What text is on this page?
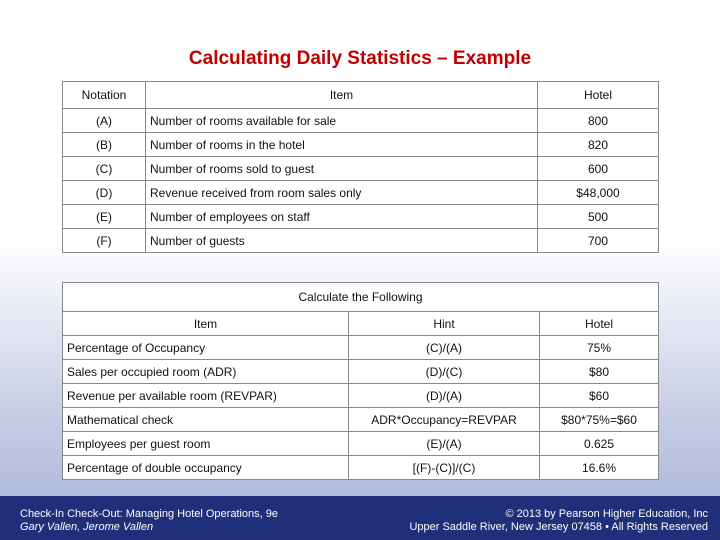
Calculating Daily Statistics – Example
Notation	Item	Hotel
(A)	Number of rooms available for sale	800
(B)	Number of rooms in the hotel	820
(C)	Number of rooms sold to guest	600
(D)	Revenue received from room sales only	$48,000
(E)	Number of employees on staff	500
(F)	Number of guests	700
Calculate the Following		
Item	Hint	Hotel
Percentage of Occupancy	(C)/(A)	75%
Sales per occupied room (ADR)	(D)/(C)	$80
Revenue per available room (REVPAR)	(D)/(A)	$60
Mathematical check	ADR*Occupancy=REVPAR	$80*75%=$60
Employees per guest room	(E)/(A)	0.625
Percentage of double occupancy	[(F)-(C)]/(C)	16.6%
Check-In Check-Out: Managing Hotel Operations, 9e
Gary Vallen, Jerome Vallen
© 2013 by Pearson Higher Education, Inc
Upper Saddle River, New Jersey 07458 • All Rights Reserved
